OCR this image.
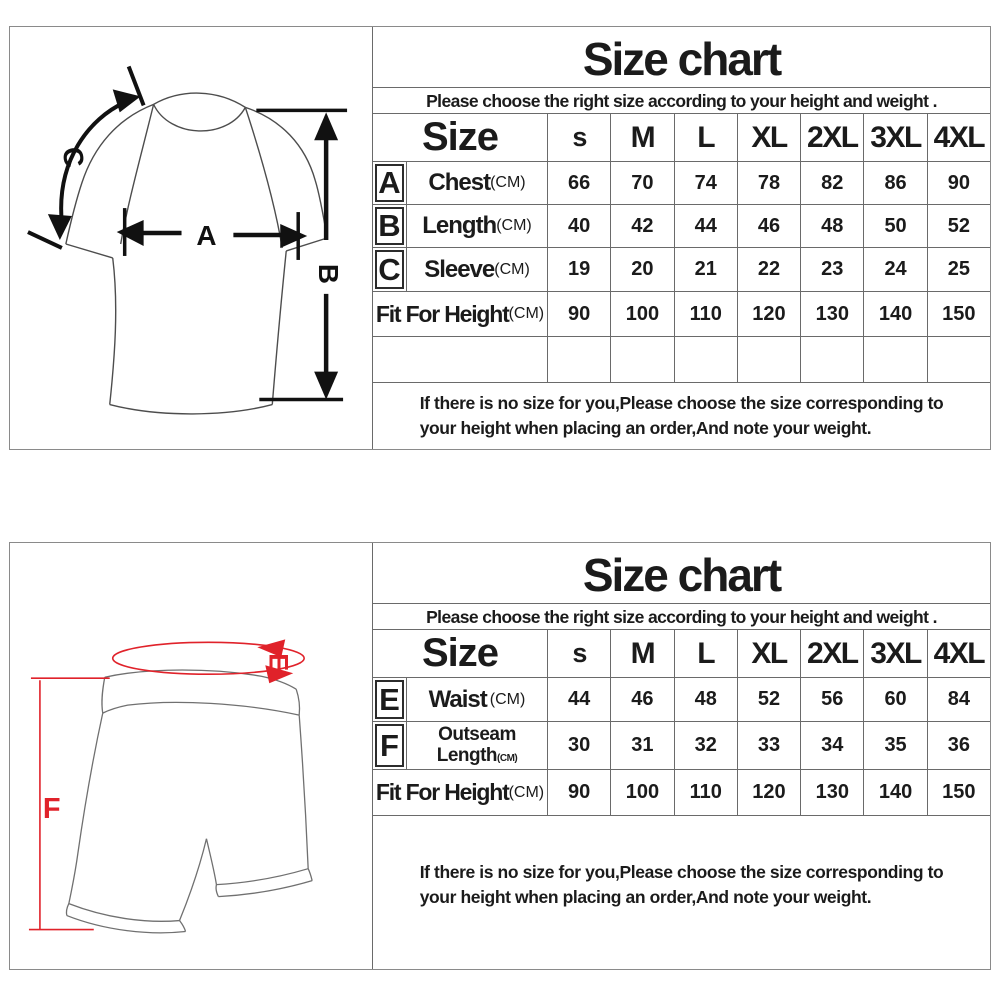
A
B
C
Size chart
Please choose the right size according to your height and weight .
Size	s	M	L	XL 2XL 3XL 4XL
A Chest (CM)	66	70	74	78	82	86	90
B Length (CM)	40	42	44	46	48	50	52
C Sleeve (CM)	19	20	21	22	23	24	25
Fit For Height (CM)	90	100	110	120	130	140	150
If there is no size for you,Please choose the size corresponding to
your height when placing an order,And note your weight.
E
F
Size chart
Please choose the right size according to your height and weight .
Size	s	M	L	XL 2XL 3XL 4XL
E Waist (CM)	44	46	48	52	56	60	84
F Outseam
Length (CM)
30	31	32	33	34	35	36
Fit For Height (CM)	90	100	110	120	130	140	150
If there is no size for you,Please choose the size corresponding to
your height when placing an order,And note your weight.
